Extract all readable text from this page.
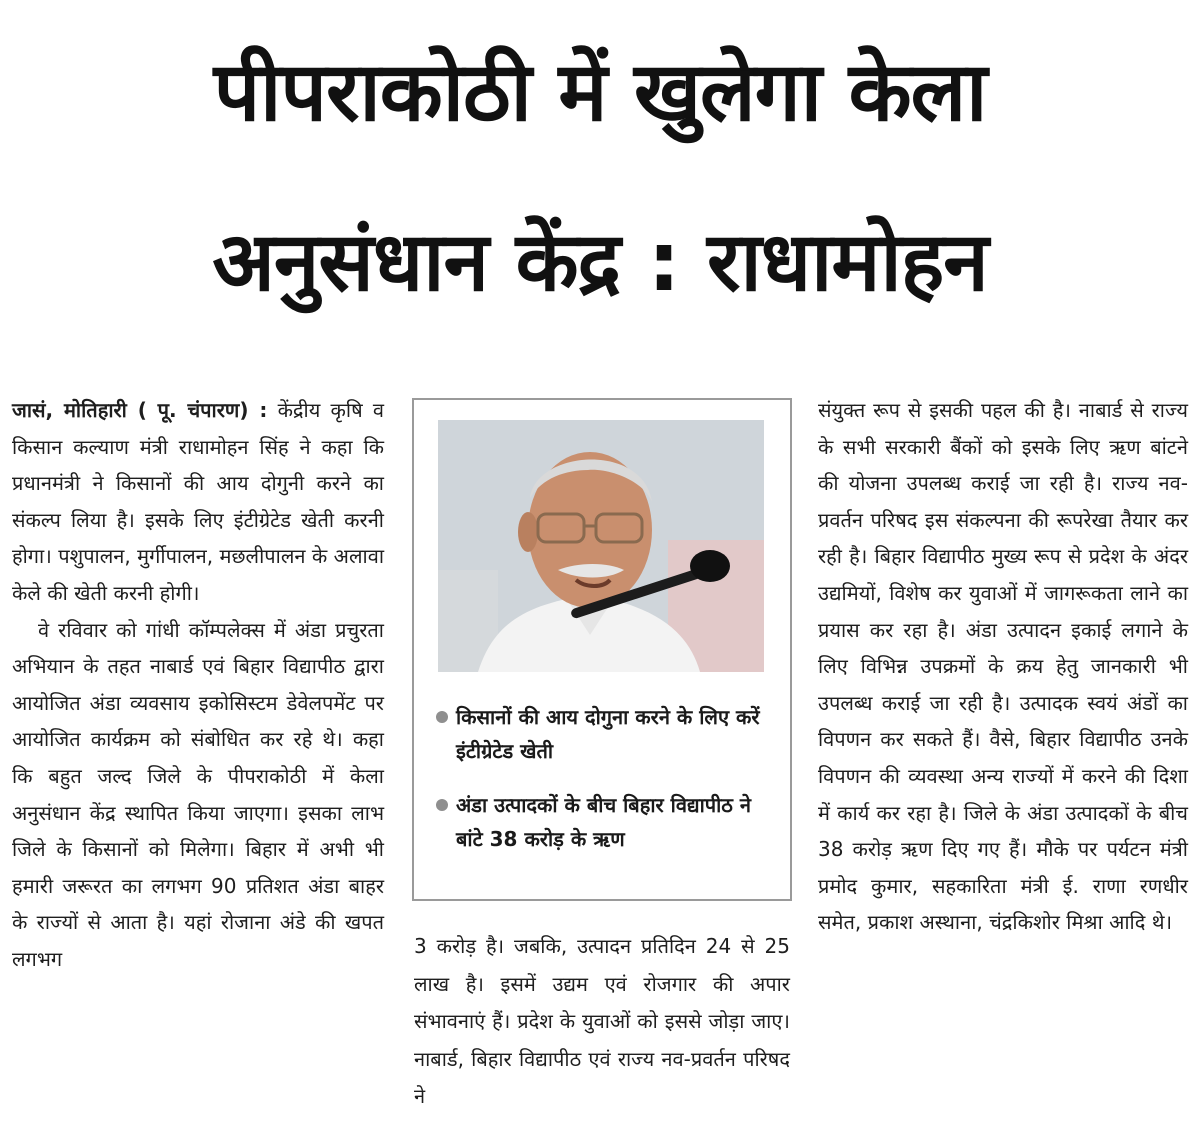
पीपराकोठी में खुलेगा केला
अनुसंधान केंद्र : राधामोहन

जासं, मोतिहारी ( पू. चंपारण) : केंद्रीय कृषि व किसान कल्याण मंत्री राधामोहन सिंह ने कहा कि प्रधानमंत्री ने किसानों की आय दोगुनी करने का संकल्प लिया है। इसके लिए इंटीग्रेटेड खेती करनी होगा। पशुपालन, मुर्गीपालन, मछलीपालन के अलावा केले की खेती करनी होगी।

वे रविवार को गांधी कॉम्पलेक्स में अंडा प्रचुरता अभियान के तहत नाबार्ड एवं बिहार विद्यापीठ द्वारा आयोजित अंडा व्यवसाय इकोसिस्टम डेवेलपमेंट पर आयोजित कार्यक्रम को संबोधित कर रहे थे। कहा कि बहुत जल्द जिले के पीपराकोठी में केला अनुसंधान केंद्र स्थापित किया जाएगा। इसका लाभ जिले के किसानों को मिलेगा। बिहार में अभी भी हमारी जरूरत का लगभग 90 प्रतिशत अंडा बाहर के राज्यों से आता है। यहां रोजाना अंडे की खपत लगभग

किसानों की आय दोगुना करने के लिए करें इंटीग्रेटेड खेती
अंडा उत्पादकों के बीच बिहार विद्यापीठ ने बांटे 38 करोड़ के ऋण

3 करोड़ है। जबकि, उत्पादन प्रतिदिन 24 से 25 लाख है। इसमें उद्यम एवं रोजगार की अपार संभावनाएं हैं। प्रदेश के युवाओं को इससे जोड़ा जाए। नाबार्ड, बिहार विद्यापीठ एवं राज्य नव-प्रवर्तन परिषद ने

संयुक्त रूप से इसकी पहल की है। नाबार्ड से राज्य के सभी सरकारी बैंकों को इसके लिए ऋण बांटने की योजना उपलब्ध कराई जा रही है। राज्य नव-प्रवर्तन परिषद इस संकल्पना की रूपरेखा तैयार कर रही है। बिहार विद्यापीठ मुख्य रूप से प्रदेश के अंदर उद्यमियों, विशेष कर युवाओं में जागरूकता लाने का प्रयास कर रहा है। अंडा उत्पादन इकाई लगाने के लिए विभिन्न उपक्रमों के क्रय हेतु जानकारी भी उपलब्ध कराई जा रही है। उत्पादक स्वयं अंडों का विपणन कर सकते हैं। वैसे, बिहार विद्यापीठ उनके विपणन की व्यवस्था अन्य राज्यों में करने की दिशा में कार्य कर रहा है। जिले के अंडा उत्पादकों के बीच 38 करोड़ ऋण दिए गए हैं। मौके पर पर्यटन मंत्री प्रमोद कुमार, सहकारिता मंत्री ई. राणा रणधीर समेत, प्रकाश अस्थाना, चंद्रकिशोर मिश्रा आदि थे।
